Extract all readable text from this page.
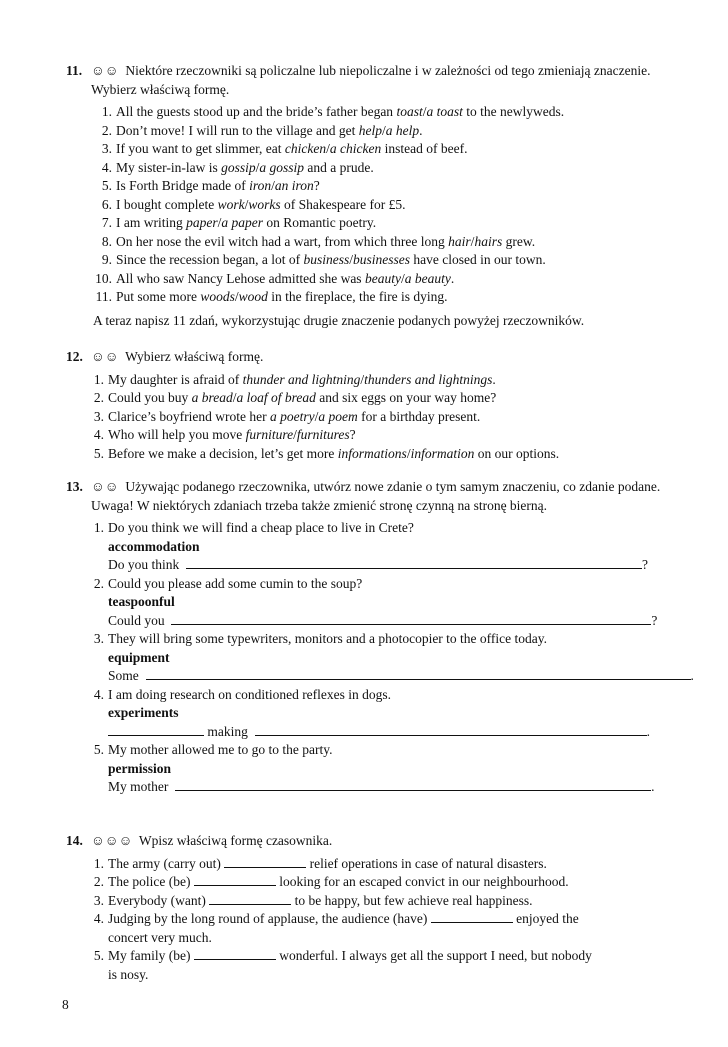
11. ☺☺ Niektóre rzeczowniki są policzalne lub niepoliczalne i w zależności od tego zmieniają znaczenie. Wybierz właściwą formę.
1. All the guests stood up and the bride’s father began toast/a toast to the newlyweds.
2. Don’t move! I will run to the village and get help/a help.
3. If you want to get slimmer, eat chicken/a chicken instead of beef.
4. My sister-in-law is gossip/a gossip and a prude.
5. Is Forth Bridge made of iron/an iron?
6. I bought complete work/works of Shakespeare for £5.
7. I am writing paper/a paper on Romantic poetry.
8. On her nose the evil witch had a wart, from which three long hair/hairs grew.
9. Since the recession began, a lot of business/businesses have closed in our town.
10. All who saw Nancy Lehose admitted she was beauty/a beauty.
11. Put some more woods/wood in the fireplace, the fire is dying.
A teraz napisz 11 zdań, wykorzystując drugie znaczenie podanych powyżej rzeczowników.
12. ☺☺ Wybierz właściwą formę.
1. My daughter is afraid of thunder and lightning/thunders and lightnings.
2. Could you buy a bread/a loaf of bread and six eggs on your way home?
3. Clarice’s boyfriend wrote her a poetry/a poem for a birthday present.
4. Who will help you move furniture/furnitures?
5. Before we make a decision, let’s get more informations/information on our options.
13. ☺☺ Używając podanego rzeczownika, utwórz nowe zdanie o tym samym znaczeniu, co zdanie podane. Uwaga! W niektórych zdaniach trzeba także zmienić stronę czynną na stronę bierną.
1. Do you think we will find a cheap place to live in Crete?
accommodation
Do you think	?
2. Could you please add some cumin to the soup?
teaspoonful
Could you	?
3. They will bring some typewriters, monitors and a photocopier to the office today.
equipment
Some	.
4. I am doing research on conditioned reflexes in dogs.
experiments
making	.
5. My mother allowed me to go to the party.
permission
My mother	.
14. ☺☺☺ Wpisz właściwą formę czasownika.
1. The army (carry out)	relief operations in case of natural disasters.
2. The police (be)	looking for an escaped convict in our neighbourhood.
3. Everybody (want)	to be happy, but few achieve real happiness.
4. Judging by the long round of applause, the audience (have)	enjoyed the
concert very much.
5. My family (be)	wonderful. I always get all the support I need, but nobody
is nosy.
8
